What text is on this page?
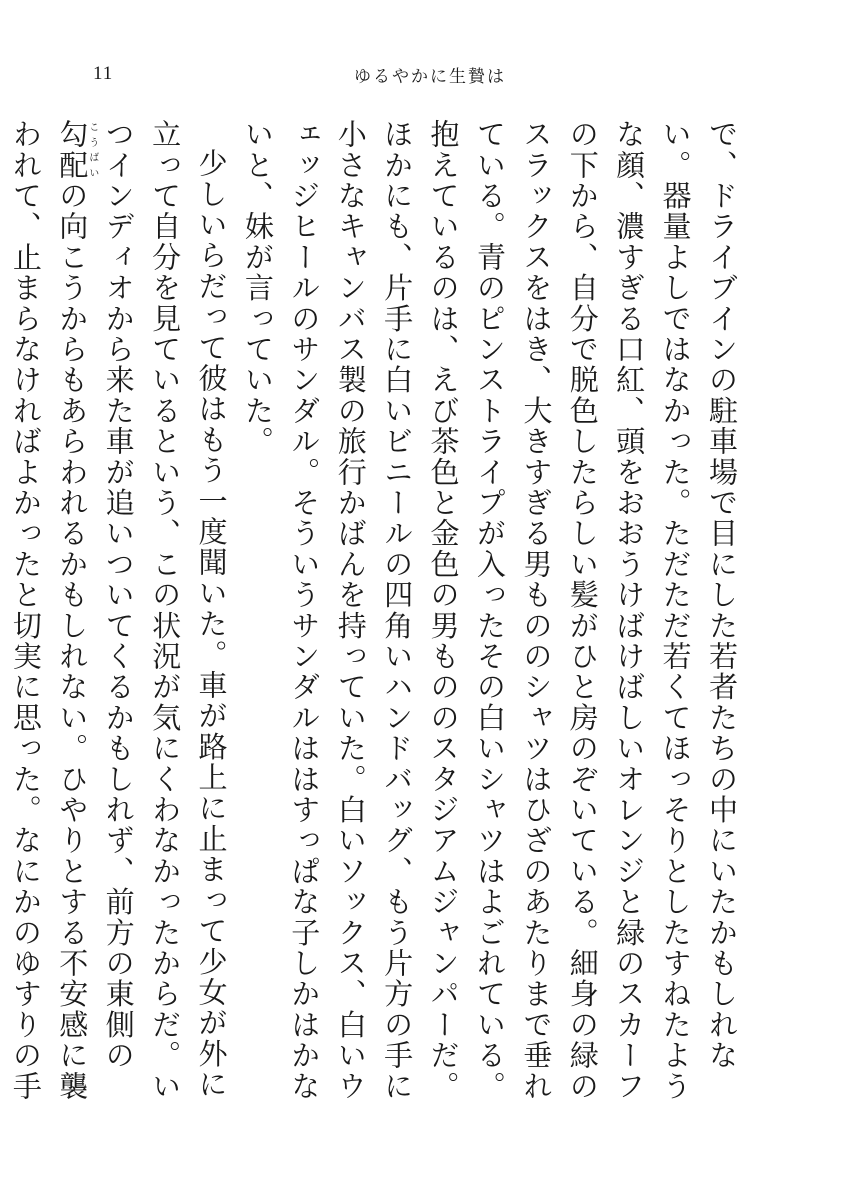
11	ゆるやかに生贄は

で、ドライブインの駐車場で目にした若者たちの中にいたかもしれない。器量よしではなかった。ただただ若くてほっそりとしたすねたような顔、濃すぎる口紅、頭をおおうけばけばしいオレンジと緑のスカーフの下から、自分で脱色したらしい髪がひと房のぞいている。細身の緑のスラックスをはき、大きすぎる男もののシャツはひざのあたりまで垂れている。青のピンストライプが入ったその白いシャツはよごれている。抱えているのは、えび茶色と金色の男もののスタジアムジャンパーだ。ほかにも、片手に白いビニールの四角いハンドバッグ、もう片方の手に小さなキャンバス製の旅行かばんを持っていた。白いソックス、白いウェッジヒールのサンダル。そういうサンダルははすっぱな子しかはかないと、妹が言っていた。

少しいらだって彼はもう一度聞いた。車が路上に止まって少女が外に立って自分を見ているという、この状況が気にくわなかったからだ。いつインディオから来た車が追いついてくるかもしれず、前方の東側の勾配こうばいの向こうからもあらわれるかもしれない。ひやりとする不安感に襲われて、止まらなければよかったと切実に思った。なにかのゆすりの手
